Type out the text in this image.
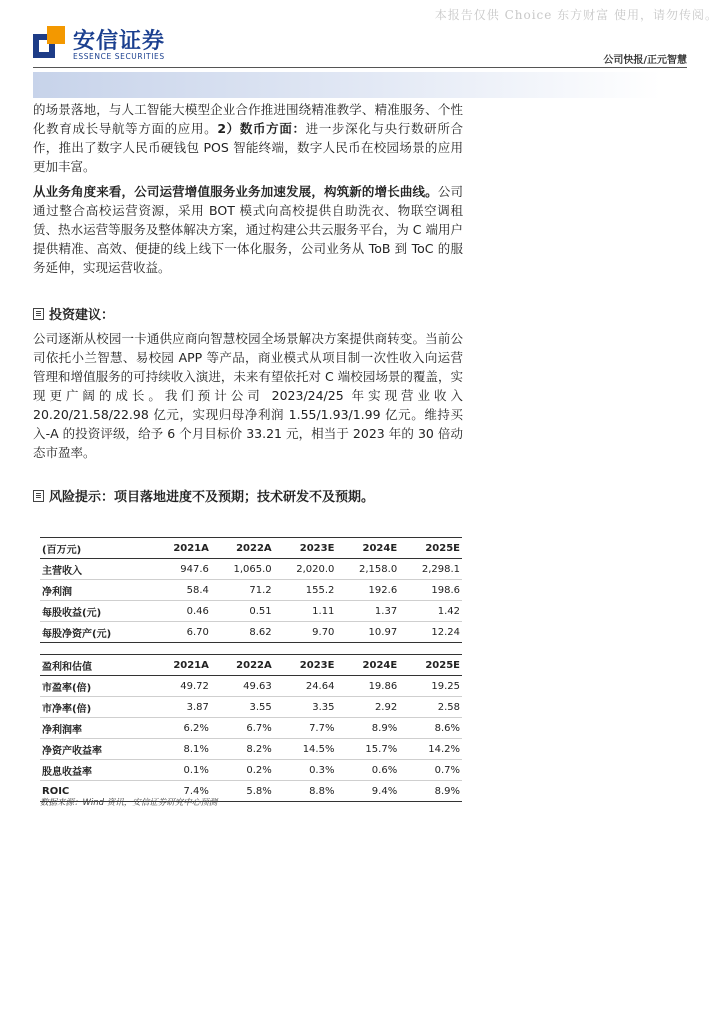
本报告仅供 Choice 东方财富 使用，请勿传阅。
安信证券
ESSENCE SECURITIES	公司快报/正元智慧

的场景落地，与人工智能大模型企业合作推进围绕精准教学、精准服务、个性化教育成长导航等方面的应用。2）数币方面：进一步深化与央行数研所合作，推出了数字人民币硬钱包 POS 智能终端，数字人民币在校园场景的应用更加丰富。

从业务角度来看，公司运营增值服务业务加速发展，构筑新的增长曲线。公司通过整合高校运营资源，采用 BOT 模式向高校提供自助洗衣、物联空调租赁、热水运营等服务及整体解决方案，通过构建公共云服务平台，为 C 端用户提供精准、高效、便捷的线上线下一体化服务，公司业务从 ToB 到 ToC 的服务延伸，实现运营收益。

投资建议：

公司逐渐从校园一卡通供应商向智慧校园全场景解决方案提供商转变。当前公司依托小兰智慧、易校园 APP 等产品，商业模式从项目制一次性收入向运营管理和增值服务的可持续收入演进，未来有望依托对 C 端校园场景的覆盖，实现更广阔的成长。我们预计公司 2023/24/25 年实现营业收入 20.20/21.58/22.98 亿元，实现归母净利润 1.55/1.93/1.99 亿元。维持买入-A 的投资评级，给予 6 个月目标价 33.21 元，相当于 2023 年的 30 倍动态市盈率。

风险提示：项目落地进度不及预期；技术研发不及预期。
(百万元)	2021A	2022A	2023E	2024E	2025E
主营收入	947.6	1,065.0	2,020.0	2,158.0	2,298.1
净利润	58.4	71.2	155.2	192.6	198.6
每股收益(元)	0.46	0.51	1.11	1.37	1.42
每股净资产(元)	6.70	8.62	9.70	10.97	12.24
盈利和估值	2021A	2022A	2023E	2024E	2025E
市盈率(倍)	49.72	49.63	24.64	19.86	19.25
市净率(倍)	3.87	3.55	3.35	2.92	2.58
净利润率	6.2%	6.7%	7.7%	8.9%	8.6%
净资产收益率	8.1%	8.2%	14.5%	15.7%	14.2%
股息收益率	0.1%	0.2%	0.3%	0.6%	0.7%
ROIC	7.4%	5.8%	8.8%	9.4%	8.9%
数据来源：Wind 资讯，安信证券研究中心预测
